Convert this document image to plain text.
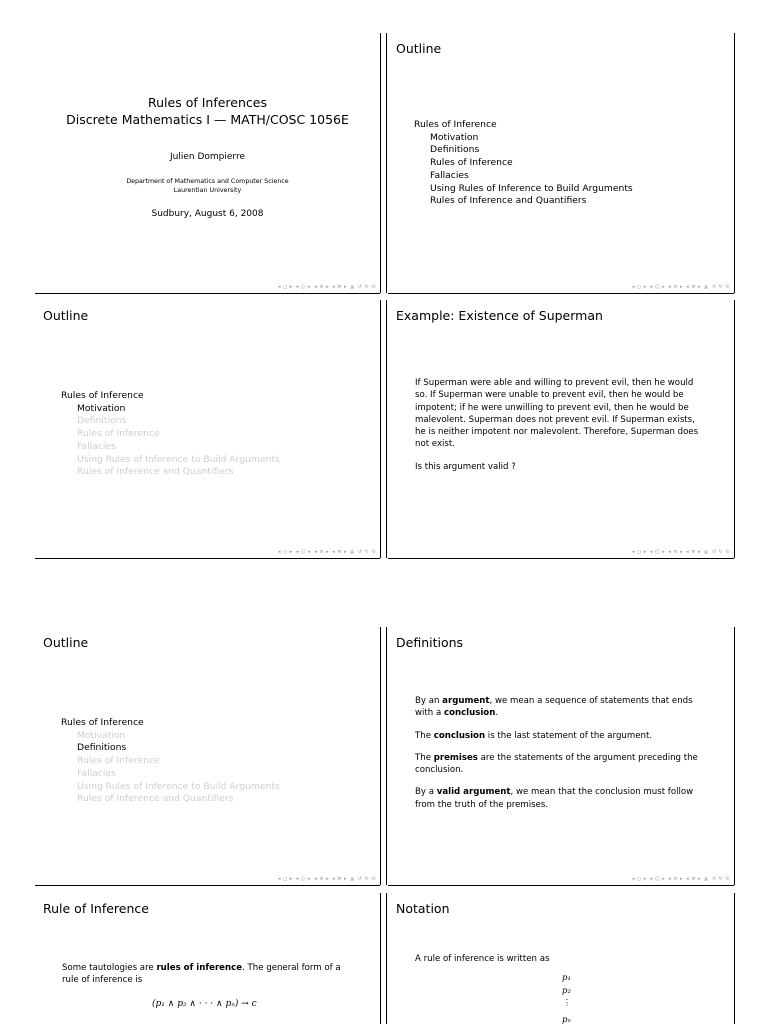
Rules of Inferences
Discrete Mathematics I — MATH/COSC 1056E
Julien Dompierre
Department of Mathematics and Computer Science
Laurentian University
Sudbury, August 6, 2008
◂ ◻ ▸ ◂ ◱ ▸ ◂ ≡ ▸ ◂ ≣ ▸ ≩ ↺ ↻ ⟲
Outline
Rules of Inference
Motivation
Definitions
Rules of Inference
Fallacies
Using Rules of Inference to Build Arguments
Rules of Inference and Quantifiers
◂ ◻ ▸ ◂ ◱ ▸ ◂ ≡ ▸ ◂ ≣ ▸ ≩ ↺ ↻ ⟲
Outline
Rules of Inference
Motivation
Definitions
Rules of Inference
Fallacies
Using Rules of Inference to Build Arguments
Rules of Inference and Quantifiers
◂ ◻ ▸ ◂ ◱ ▸ ◂ ≡ ▸ ◂ ≣ ▸ ≩ ↺ ↻ ⟲
Example: Existence of Superman

If Superman were able and willing to prevent evil, then he would so. If Superman were unable to prevent evil, then he would be impotent; if he were unwilling to prevent evil, then he would be malevolent. Superman does not prevent evil. If Superman exists, he is neither impotent nor malevolent. Therefore, Superman does not exist.

Is this argument valid ?

◂ ◻ ▸ ◂ ◱ ▸ ◂ ≡ ▸ ◂ ≣ ▸ ≩ ↺ ↻ ⟲
Outline
Rules of Inference
Motivation
Definitions
Rules of Inference
Fallacies
Using Rules of Inference to Build Arguments
Rules of Inference and Quantifiers
◂ ◻ ▸ ◂ ◱ ▸ ◂ ≡ ▸ ◂ ≣ ▸ ≩ ↺ ↻ ⟲
Definitions

By an argument, we mean a sequence of statements that ends with a conclusion.

The conclusion is the last statement of the argument.

The premises are the statements of the argument preceding the conclusion.

By a valid argument, we mean that the conclusion must follow from the truth of the premises.

◂ ◻ ▸ ◂ ◱ ▸ ◂ ≡ ▸ ◂ ≣ ▸ ≩ ↺ ↻ ⟲
Rule of Inference

Some tautologies are rules of inference. The general form of a rule of inference is

(p₁ ∧ p₂ ∧ · · · ∧ pₙ) → c
Notation
A rule of inference is written as
p₁
p₂
⋮
pₙ
